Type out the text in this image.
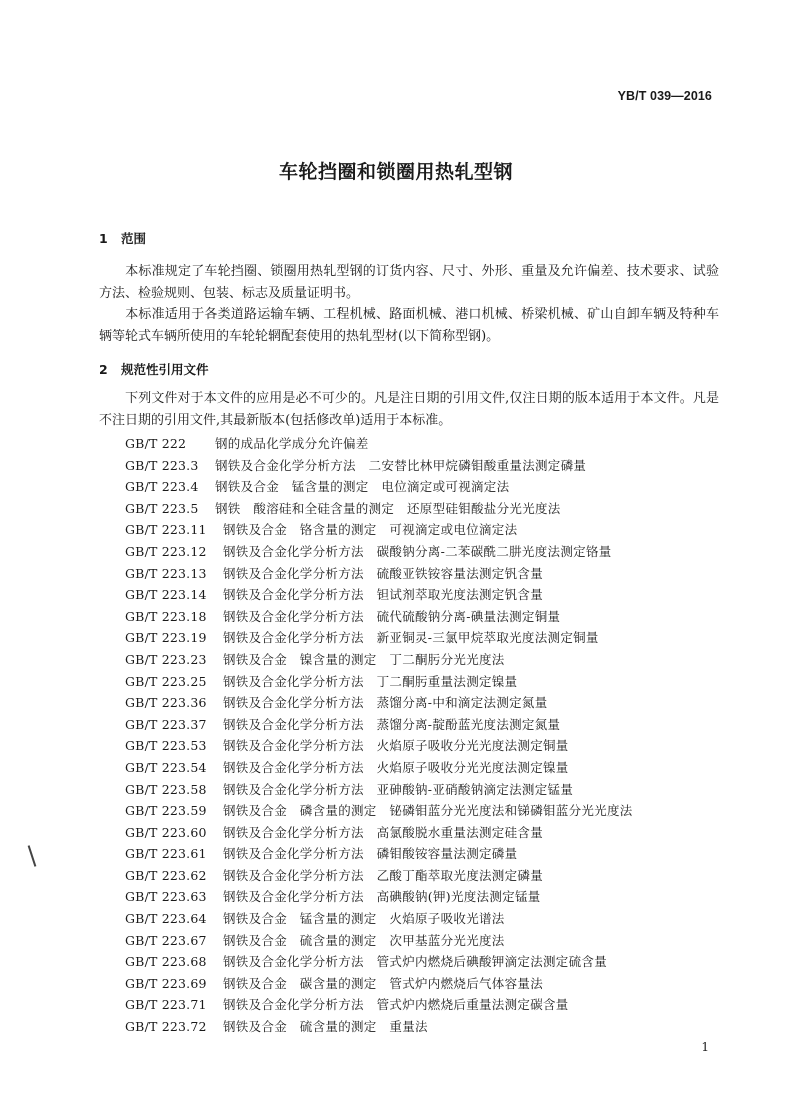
YB/T 039—2016
车轮挡圈和锁圈用热轧型钢
1 范围
本标准规定了车轮挡圈、锁圈用热轧型钢的订货内容、尺寸、外形、重量及允许偏差、技术要求、试验方法、检验规则、包装、标志及质量证明书。
本标准适用于各类道路运输车辆、工程机械、路面机械、港口机械、桥梁机械、矿山自卸车辆及特种车辆等轮式车辆所使用的车轮轮辋配套使用的热轧型材(以下简称型钢)。
2 规范性引用文件
下列文件对于本文件的应用是必不可少的。凡是注日期的引用文件,仅注日期的版本适用于本文件。凡是不注日期的引用文件,其最新版本(包括修改单)适用于本标准。
GB/T 222 钢的成品化学成分允许偏差
GB/T 223.3 钢铁及合金化学分析方法　二安替比林甲烷磷钼酸重量法测定磷量
GB/T 223.4 钢铁及合金　锰含量的测定　电位滴定或可视滴定法
GB/T 223.5 钢铁　酸溶硅和全硅含量的测定　还原型硅钼酸盐分光光度法
GB/T 223.11 钢铁及合金　铬含量的测定　可视滴定或电位滴定法
GB/T 223.12 钢铁及合金化学分析方法　碳酸钠分离-二苯碳酰二肼光度法测定铬量
GB/T 223.13 钢铁及合金化学分析方法　硫酸亚铁铵容量法测定钒含量
GB/T 223.14 钢铁及合金化学分析方法　钽试剂萃取光度法测定钒含量
GB/T 223.18 钢铁及合金化学分析方法　硫代硫酸钠分离-碘量法测定铜量
GB/T 223.19 钢铁及合金化学分析方法　新亚铜灵-三氯甲烷萃取光度法测定铜量
GB/T 223.23 钢铁及合金　镍含量的测定　丁二酮肟分光光度法
GB/T 223.25 钢铁及合金化学分析方法　丁二酮肟重量法测定镍量
GB/T 223.36 钢铁及合金化学分析方法　蒸馏分离-中和滴定法测定氮量
GB/T 223.37 钢铁及合金化学分析方法　蒸馏分离-靛酚蓝光度法测定氮量
GB/T 223.53 钢铁及合金化学分析方法　火焰原子吸收分光光度法测定铜量
GB/T 223.54 钢铁及合金化学分析方法　火焰原子吸收分光光度法测定镍量
GB/T 223.58 钢铁及合金化学分析方法　亚砷酸钠-亚硝酸钠滴定法测定锰量
GB/T 223.59 钢铁及合金　磷含量的测定　铋磷钼蓝分光光度法和锑磷钼蓝分光光度法
GB/T 223.60 钢铁及合金化学分析方法　高氯酸脱水重量法测定硅含量
GB/T 223.61 钢铁及合金化学分析方法　磷钼酸铵容量法测定磷量
GB/T 223.62 钢铁及合金化学分析方法　乙酸丁酯萃取光度法测定磷量
GB/T 223.63 钢铁及合金化学分析方法　高碘酸钠(钾)光度法测定锰量
GB/T 223.64 钢铁及合金　锰含量的测定　火焰原子吸收光谱法
GB/T 223.67 钢铁及合金　硫含量的测定　次甲基蓝分光光度法
GB/T 223.68 钢铁及合金化学分析方法　管式炉内燃烧后碘酸钾滴定法测定硫含量
GB/T 223.69 钢铁及合金　碳含量的测定　管式炉内燃烧后气体容量法
GB/T 223.71 钢铁及合金化学分析方法　管式炉内燃烧后重量法测定碳含量
GB/T 223.72 钢铁及合金　硫含量的测定　重量法
1
